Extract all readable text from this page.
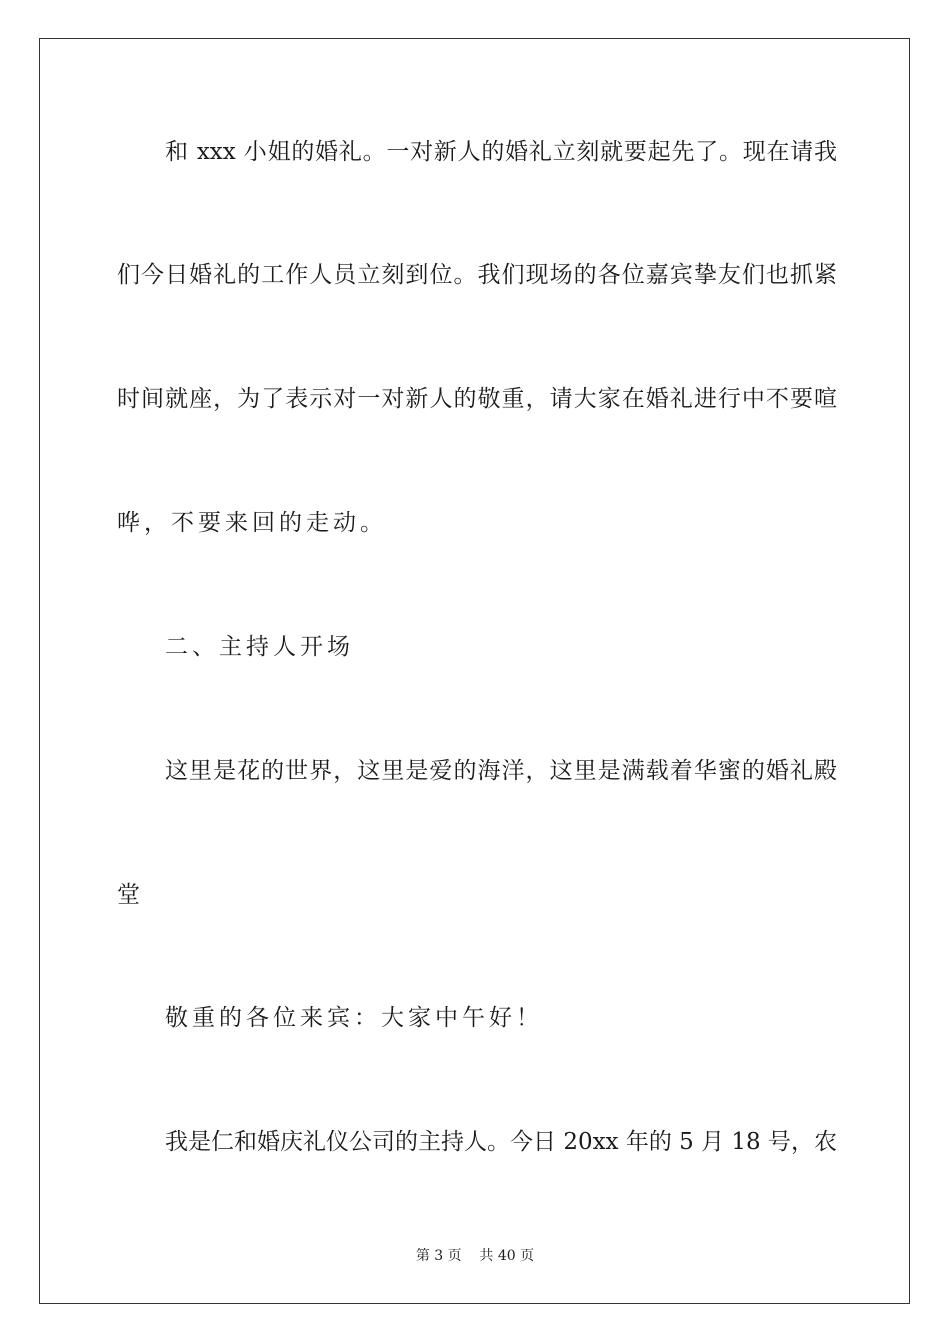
和 xxx 小姐的婚礼。一对新人的婚礼立刻就要起先了。现在请我
们今日婚礼的工作人员立刻到位。我们现场的各位嘉宾挚友们也抓紧
时间就座，为了表示对一对新人的敬重，请大家在婚礼进行中不要喧
哗，不要来回的走动。
二、主持人开场
这里是花的世界，这里是爱的海洋，这里是满载着华蜜的婚礼殿
堂
敬重的各位来宾：大家中午好！
我是仁和婚庆礼仪公司的主持人。今日 20xx 年的 5 月 18 号，农
第 3 页    共 40 页
